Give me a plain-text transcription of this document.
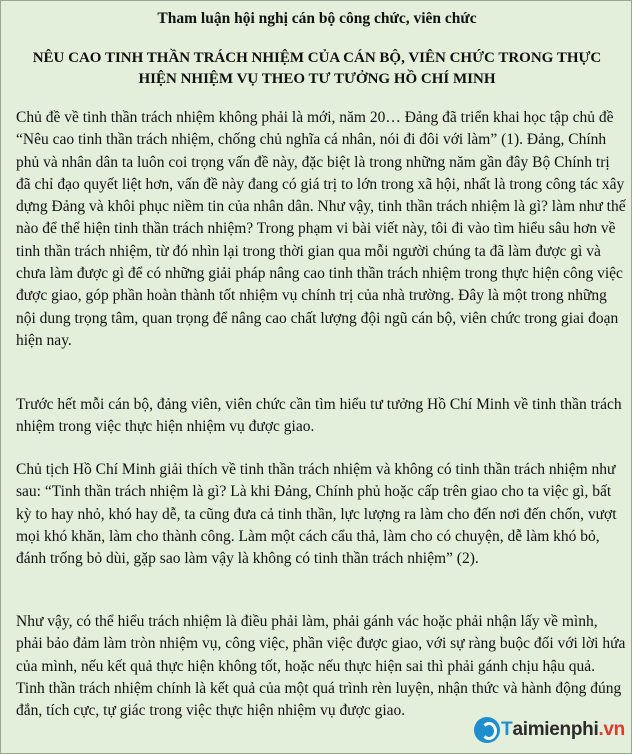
Tham luận hội nghị cán bộ công chức, viên chức
NÊU CAO TINH THẦN TRÁCH NHIỆM CỦA CÁN BỘ, VIÊN CHỨC TRONG THỰC
HIỆN NHIỆM VỤ THEO TƯ TƯỞNG HỒ CHÍ MINH

Chủ đề về tinh thần trách nhiệm không phải là mới, năm 20… Đảng đã triển khai học tập chủ đề “Nêu cao tinh thần trách nhiệm, chống chủ nghĩa cá nhân, nói đi đôi với làm” (1). Đảng, Chính phủ và nhân dân ta luôn coi trọng vấn đề này, đặc biệt là trong những năm gần đây Bộ Chính trị đã chỉ đạo quyết liệt hơn, vấn đề này đang có giá trị to lớn trong xã hội, nhất là trong công tác xây dựng Đảng và khôi phục niềm tin của nhân dân. Như vậy, tinh thần trách nhiệm là gì? làm như thế nào để thể hiện tinh thần trách nhiệm? Trong phạm vi bài viết này, tôi đi vào tìm hiểu sâu hơn về tinh thần trách nhiệm, từ đó nhìn lại trong thời gian qua mỗi người chúng ta đã làm được gì và chưa làm được gì để có những giải pháp nâng cao tinh thần trách nhiệm trong thực hiện công việc được giao, góp phần hoàn thành tốt nhiệm vụ chính trị của nhà trường. Đây là một trong những nội dung trọng tâm, quan trọng để nâng cao chất lượng đội ngũ cán bộ, viên chức trong giai đoạn hiện nay.

Trước hết mỗi cán bộ, đảng viên, viên chức cần tìm hiểu tư tưởng Hồ Chí Minh về tinh thần trách nhiệm trong việc thực hiện nhiệm vụ được giao.

Chủ tịch Hồ Chí Minh giải thích về tinh thần trách nhiệm và không có tinh thần trách nhiệm như sau: “Tinh thần trách nhiệm là gì? Là khi Đảng, Chính phủ hoặc cấp trên giao cho ta việc gì, bất kỳ to hay nhỏ, khó hay dễ, ta cũng đưa cả tinh thần, lực lượng ra làm cho đến nơi đến chốn, vượt mọi khó khăn, làm cho thành công. Làm một cách cẩu thả, làm cho có chuyện, dễ làm khó bỏ, đánh trống bỏ dùi, gặp sao làm vậy là không có tinh thần trách nhiệm” (2).

Như vậy, có thể hiểu trách nhiệm là điều phải làm, phải gánh vác hoặc phải nhận lấy về mình, phải bảo đảm làm tròn nhiệm vụ, công việc, phần việc được giao, với sự ràng buộc đối với lời hứa của mình, nếu kết quả thực hiện không tốt, hoặc nếu thực hiện sai thì phải gánh chịu hậu quả. Tinh thần trách nhiệm chính là kết quả của một quá trình rèn luyện, nhận thức và hành động đúng đắn, tích cực, tự giác trong việc thực hiện nhiệm vụ được giao.

T aimienphi.vn
